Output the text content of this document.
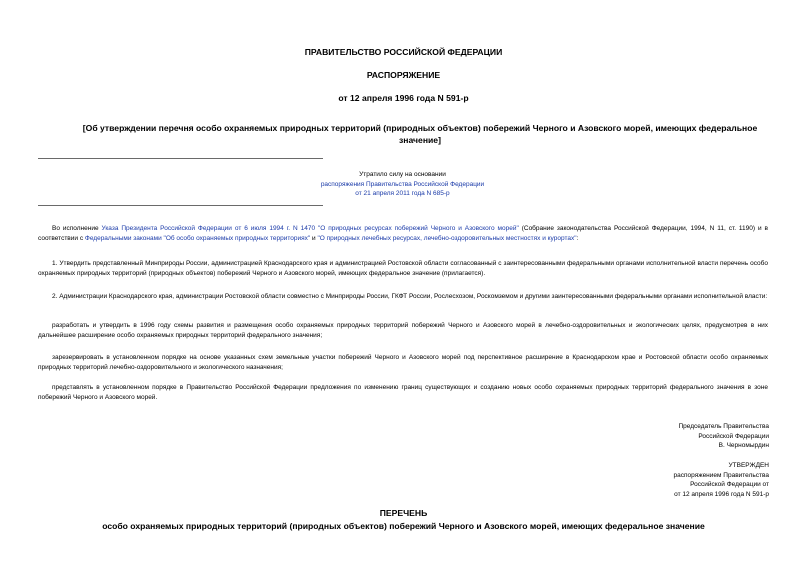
ПРАВИТЕЛЬСТВО РОССИЙСКОЙ ФЕДЕРАЦИИ
РАСПОРЯЖЕНИЕ
от 12 апреля 1996 года N 591-р
[Об утверждении перечня особо охраняемых природных территорий (природных объектов) побережий Черного и Азовского морей, имеющих федеральное значение]
Утратило силу на основании
распоряжения Правительства Российской Федерации
от 21 апреля 2011 года N 685-р
Во исполнение Указа Президента Российской Федерации от 6 июля 1994 г. N 1470 "О природных ресурсах побережий Черного и Азовского морей" (Собрание законодательства Российской Федерации, 1994, N 11, ст. 1190) и в соответствии с Федеральными законами "Об особо охраняемых природных территориях" и "О природных лечебных ресурсах, лечебно-оздоровительных местностях и курортах":
1. Утвердить представленный Минприроды России, администрацией Краснодарского края и администрацией Ростовской области согласованный с заинтересованными федеральными органами исполнительной власти перечень особо охраняемых природных территорий (природных объектов) побережий Черного и Азовского морей, имеющих федеральное значение (прилагается).
2. Администрации Краснодарского края, администрации Ростовской области совместно с Минприроды России, ГКФТ России, Рослесхозом, Роскомземом и другими заинтересованными федеральными органами исполнительной власти:
разработать и утвердить в 1996 году схемы развития и размещения особо охраняемых природных территорий побережий Черного и Азовского морей в лечебно-оздоровительных и экологических целях, предусмотрев в них дальнейшее расширение особо охраняемых природных территорий федерального значения;
зарезервировать в установленном порядке на основе указанных схем земельные участки побережий Черного и Азовского морей под перспективное расширение в Краснодарском крае и Ростовской области особо охраняемых природных территорий лечебно-оздоровительного и экологического назначения;
представлять в установленном порядке в Правительство Российской Федерации предложения по изменению границ существующих и созданию новых особо охраняемых природных территорий федерального значения в зоне побережий Черного и Азовского морей.
Председатель Правительства
Российской Федерации
В. Черномырдин
УТВЕРЖДЕН
распоряжением Правительства
Российской Федерации от
от 12 апреля 1996 года N 591-р
ПЕРЕЧЕНЬ
особо охраняемых природных территорий (природных объектов) побережий Черного и Азовского морей, имеющих федеральное значение
